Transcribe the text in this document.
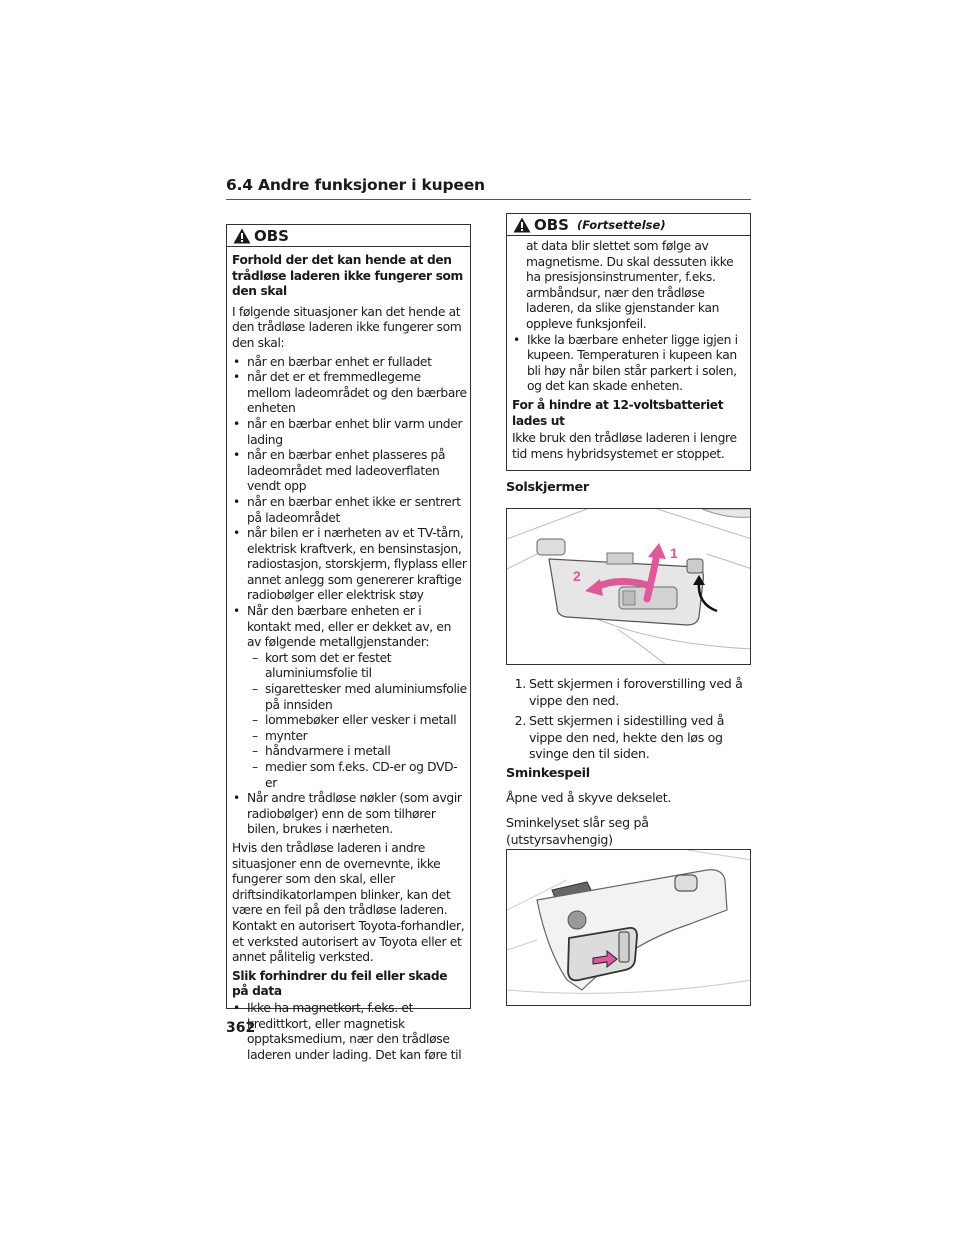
6.4 Andre funksjoner i kupeen
OBS
Forhold der det kan hende at den trådløse laderen ikke fungerer som den skal
I følgende situasjoner kan det hende at den trådløse laderen ikke fungerer som den skal:
• når en bærbar enhet er fulladet
• når det er et fremmedlegeme mellom ladeområdet og den bærbare enheten
• når en bærbar enhet blir varm under lading
• når en bærbar enhet plasseres på ladeområdet med ladeoverflaten vendt opp
• når en bærbar enhet ikke er sentrert på ladeområdet
• når bilen er i nærheten av et TV-tårn, elektrisk kraftverk, en bensinstasjon, radiostasjon, storskjerm, flyplass eller annet anlegg som genererer kraftige radiobølger eller elektrisk støy
• Når den bærbare enheten er i kontakt med, eller er dekket av, en av følgende metallgjenstander:
– kort som det er festet aluminiumsfolie til
– sigarettesker med aluminiumsfolie på innsiden
– lommebøker eller vesker i metall
– mynter
– håndvarmere i metall
– medier som f.eks. CD-er og DVD-er
• Når andre trådløse nøkler (som avgir radiobølger) enn de som tilhører bilen, brukes i nærheten.
Hvis den trådløse laderen i andre situasjoner enn de overnevnte, ikke fungerer som den skal, eller driftsindikatorlampen blinker, kan det være en feil på den trådløse laderen. Kontakt en autorisert Toyota-forhandler, et verksted autorisert av Toyota eller et annet pålitelig verksted.
Slik forhindrer du feil eller skade på data
• Ikke ha magnetkort, f.eks. et kredittkort, eller magnetisk opptaksmedium, nær den trådløse laderen under lading. Det kan føre til
OBS (Fortsettelse)
at data blir slettet som følge av magnetisme. Du skal dessuten ikke ha presisjonsinstrumenter, f.eks. armbåndsur, nær den trådløse laderen, da slike gjenstander kan oppleve funksjonfeil.
• Ikke la bærbare enheter ligge igjen i kupeen. Temperaturen i kupeen kan bli høy når bilen står parkert i solen, og det kan skade enheten.
For å hindre at 12-voltsbatteriet lades ut
Ikke bruk den trådløse laderen i lengre tid mens hybridsystemet er stoppet.
Solskjermer
1
2
1. Sett skjermen i foroverstilling ved å vippe den ned.
2. Sett skjermen i sidestilling ved å vippe den ned, hekte den løs og svinge den til siden.
Sminkespeil
Åpne ved å skyve dekselet.
Sminkelyset slår seg på (utstyrsavhengig)
362
